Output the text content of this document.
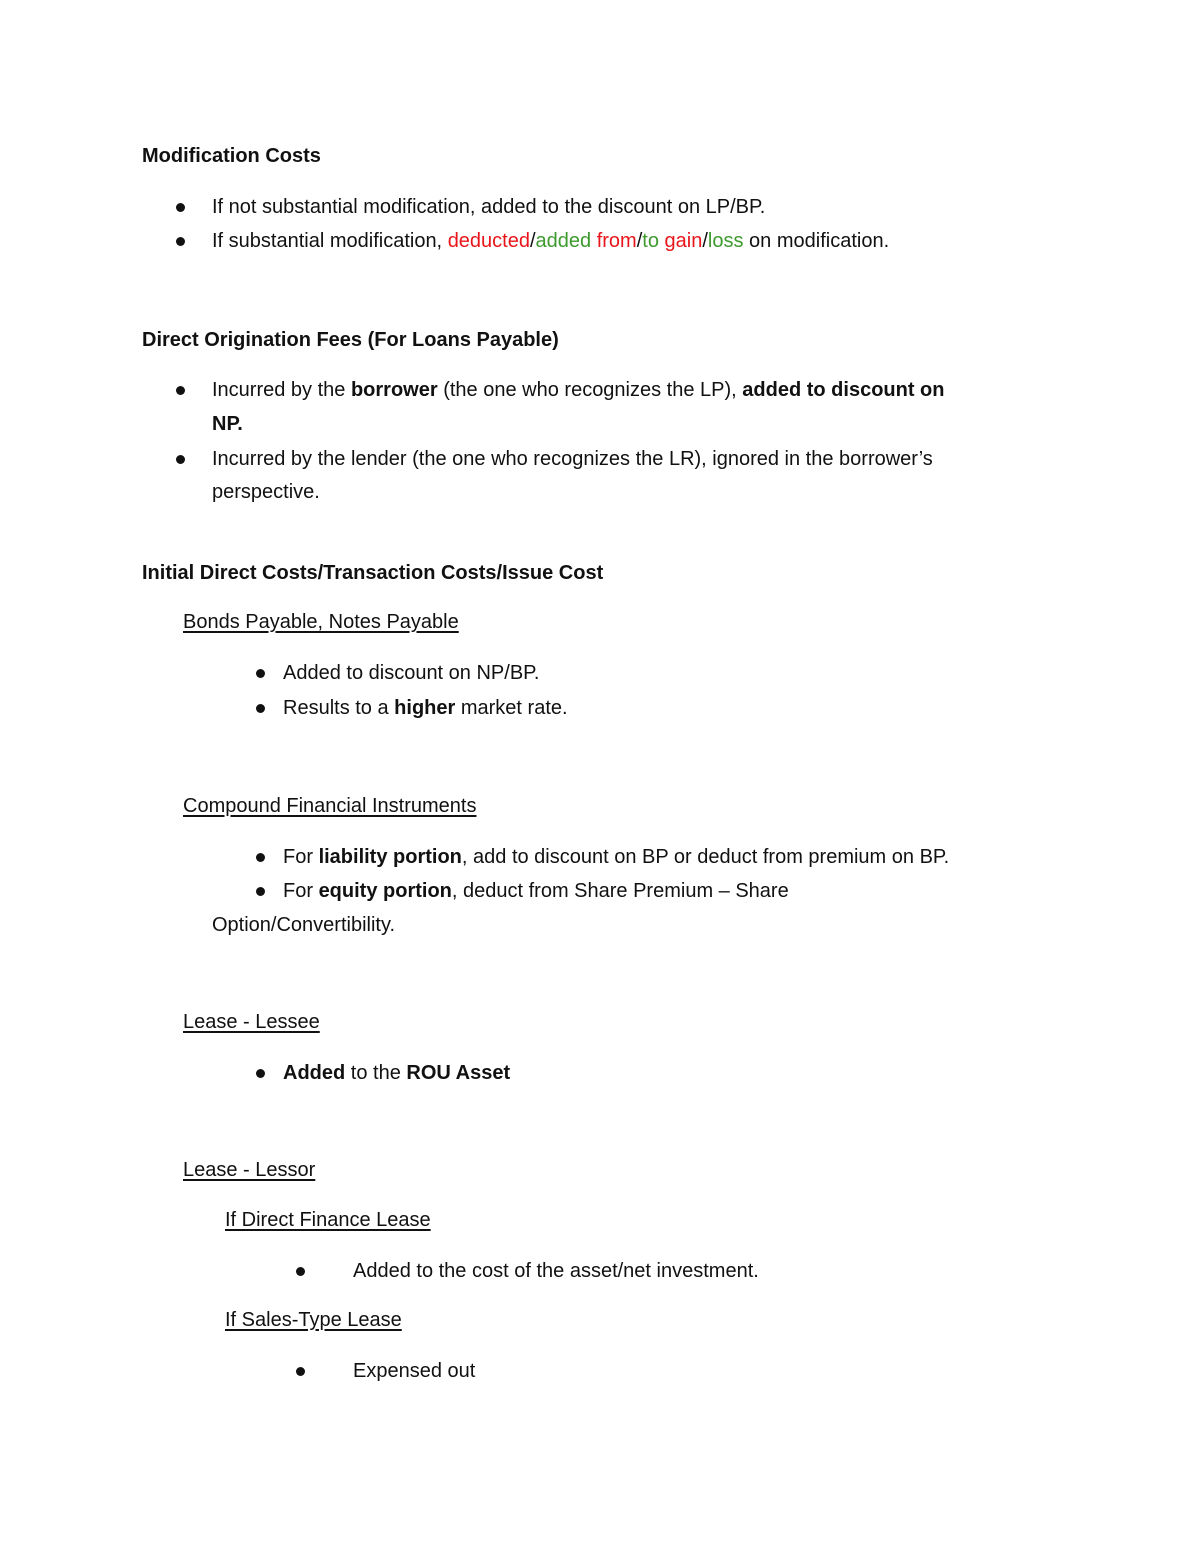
Modification Costs
If not substantial modification, added to the discount on LP/BP.
If substantial modification, deducted/added from/to gain/loss on modification.
Direct Origination Fees (For Loans Payable)
Incurred by the borrower (the one who recognizes the LP), added to discount on
NP.
Incurred by the lender (the one who recognizes the LR), ignored in the borrower’s
perspective.
Initial Direct Costs/Transaction Costs/Issue Cost
Bonds Payable, Notes Payable
Added to discount on NP/BP.
Results to a higher market rate.
Compound Financial Instruments
For liability portion, add to discount on BP or deduct from premium on BP.
For equity portion, deduct from Share Premium – Share
Option/Convertibility.
Lease - Lessee
Added to the ROU Asset
Lease - Lessor
If Direct Finance Lease
Added to the cost of the asset/net investment.
If Sales-Type Lease
Expensed out
